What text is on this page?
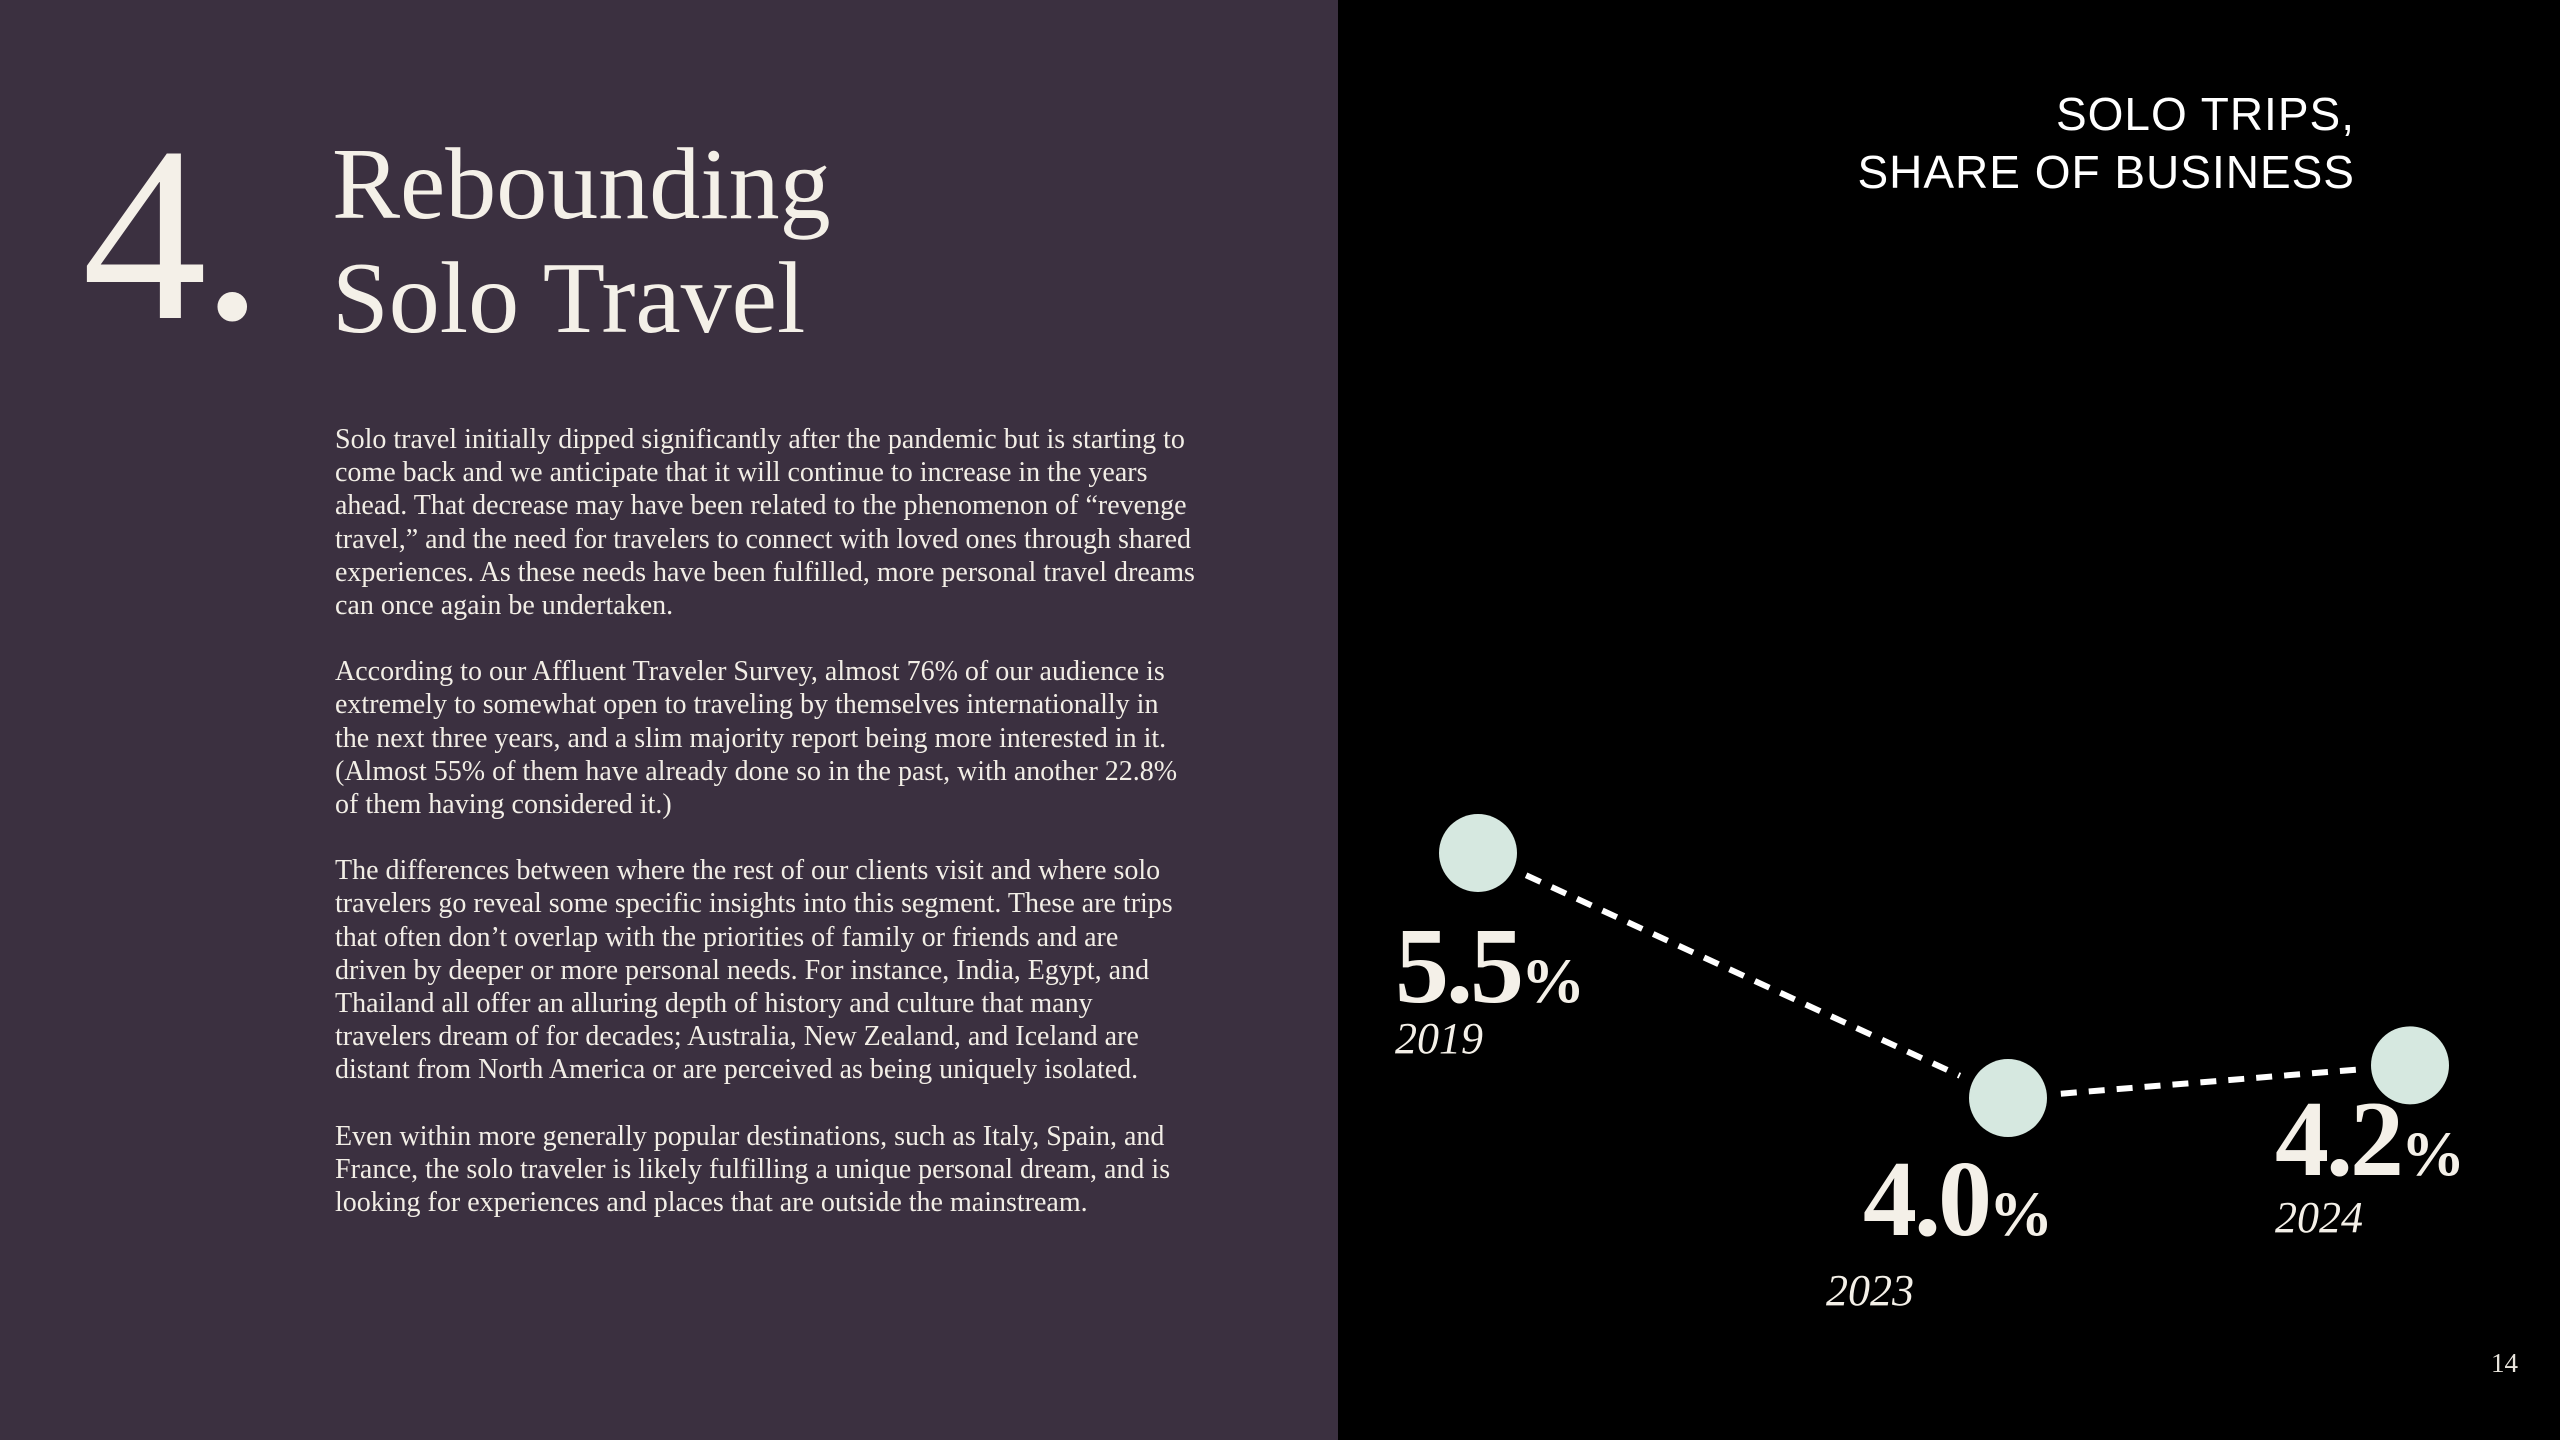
4. Rebounding
Solo Travel

Solo travel initially dipped significantly after the pandemic but is starting to come back and we anticipate that it will continue to increase in the years ahead. That decrease may have been related to the phenomenon of “revenge travel,” and the need for travelers to connect with loved ones through shared experiences. As these needs have been fulfilled, more personal travel dreams can once again be undertaken.

According to our Affluent Traveler Survey, almost 76% of our audience is extremely to somewhat open to traveling by themselves internationally in the next three years, and a slim majority report being more interested in it. (Almost 55% of them have already done so in the past, with another 22.8% of them having considered it.)

The differences between where the rest of our clients visit and where solo travelers go reveal some specific insights into this segment. These are trips that often don’t overlap with the priorities of family or friends and are driven by deeper or more personal needs. For instance, India, Egypt, and Thailand all offer an alluring depth of history and culture that many travelers dream of for decades; Australia, New Zealand, and Iceland are distant from North America or are perceived as being uniquely isolated.

Even within more generally popular destinations, such as Italy, Spain, and France, the solo traveler is likely fulfilling a unique personal dream, and is looking for experiences and places that are outside the mainstream.

SOLO TRIPS,
SHARE OF BUSINESS
5.5%
2019
4.0%
2023
4.2%
2024
14
